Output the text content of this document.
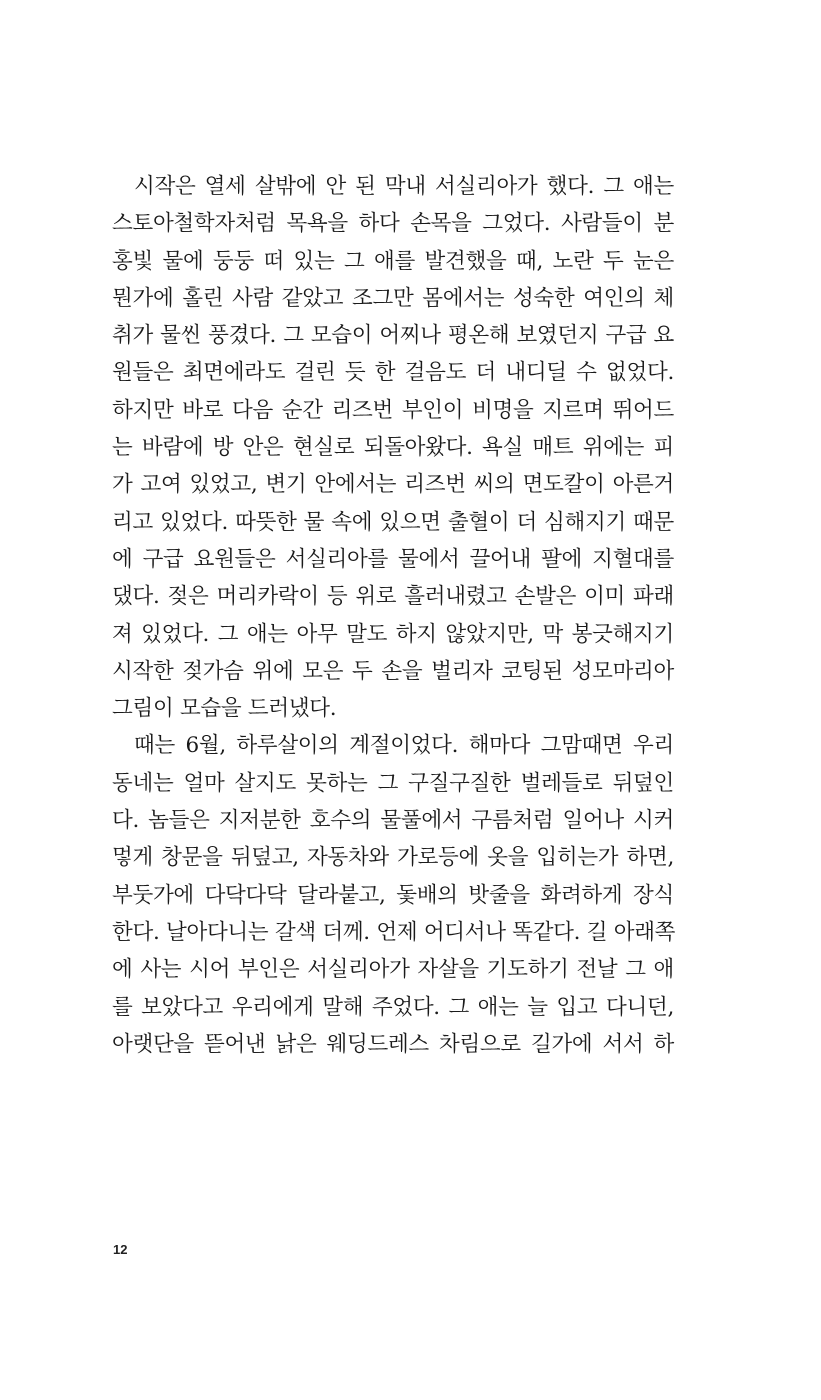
시작은 열세 살밖에 안 된 막내 서실리아가 했다. 그 애는
스토아철학자처럼 목욕을 하다 손목을 그었다. 사람들이 분
홍빛 물에 둥둥 떠 있는 그 애를 발견했을 때, 노란 두 눈은
뭔가에 홀린 사람 같았고 조그만 몸에서는 성숙한 여인의 체
취가 물씬 풍겼다. 그 모습이 어찌나 평온해 보였던지 구급 요
원들은 최면에라도 걸린 듯 한 걸음도 더 내디딜 수 없었다.
하지만 바로 다음 순간 리즈번 부인이 비명을 지르며 뛰어드
는 바람에 방 안은 현실로 되돌아왔다. 욕실 매트 위에는 피
가 고여 있었고, 변기 안에서는 리즈번 씨의 면도칼이 아른거
리고 있었다. 따뜻한 물 속에 있으면 출혈이 더 심해지기 때문
에 구급 요원들은 서실리아를 물에서 끌어내 팔에 지혈대를
댔다. 젖은 머리카락이 등 위로 흘러내렸고 손발은 이미 파래
져 있었다. 그 애는 아무 말도 하지 않았지만, 막 봉긋해지기
시작한 젖가슴 위에 모은 두 손을 벌리자 코팅된 성모마리아
그림이 모습을 드러냈다.
때는 6월, 하루살이의 계절이었다. 해마다 그맘때면 우리
동네는 얼마 살지도 못하는 그 구질구질한 벌레들로 뒤덮인
다. 놈들은 지저분한 호수의 물풀에서 구름처럼 일어나 시커
멓게 창문을 뒤덮고, 자동차와 가로등에 옷을 입히는가 하면,
부둣가에 다닥다닥 달라붙고, 돛배의 밧줄을 화려하게 장식
한다. 날아다니는 갈색 더께. 언제 어디서나 똑같다. 길 아래쪽
에 사는 시어 부인은 서실리아가 자살을 기도하기 전날 그 애
를 보았다고 우리에게 말해 주었다. 그 애는 늘 입고 다니던,
아랫단을 뜯어낸 낡은 웨딩드레스 차림으로 길가에 서서 하
12
